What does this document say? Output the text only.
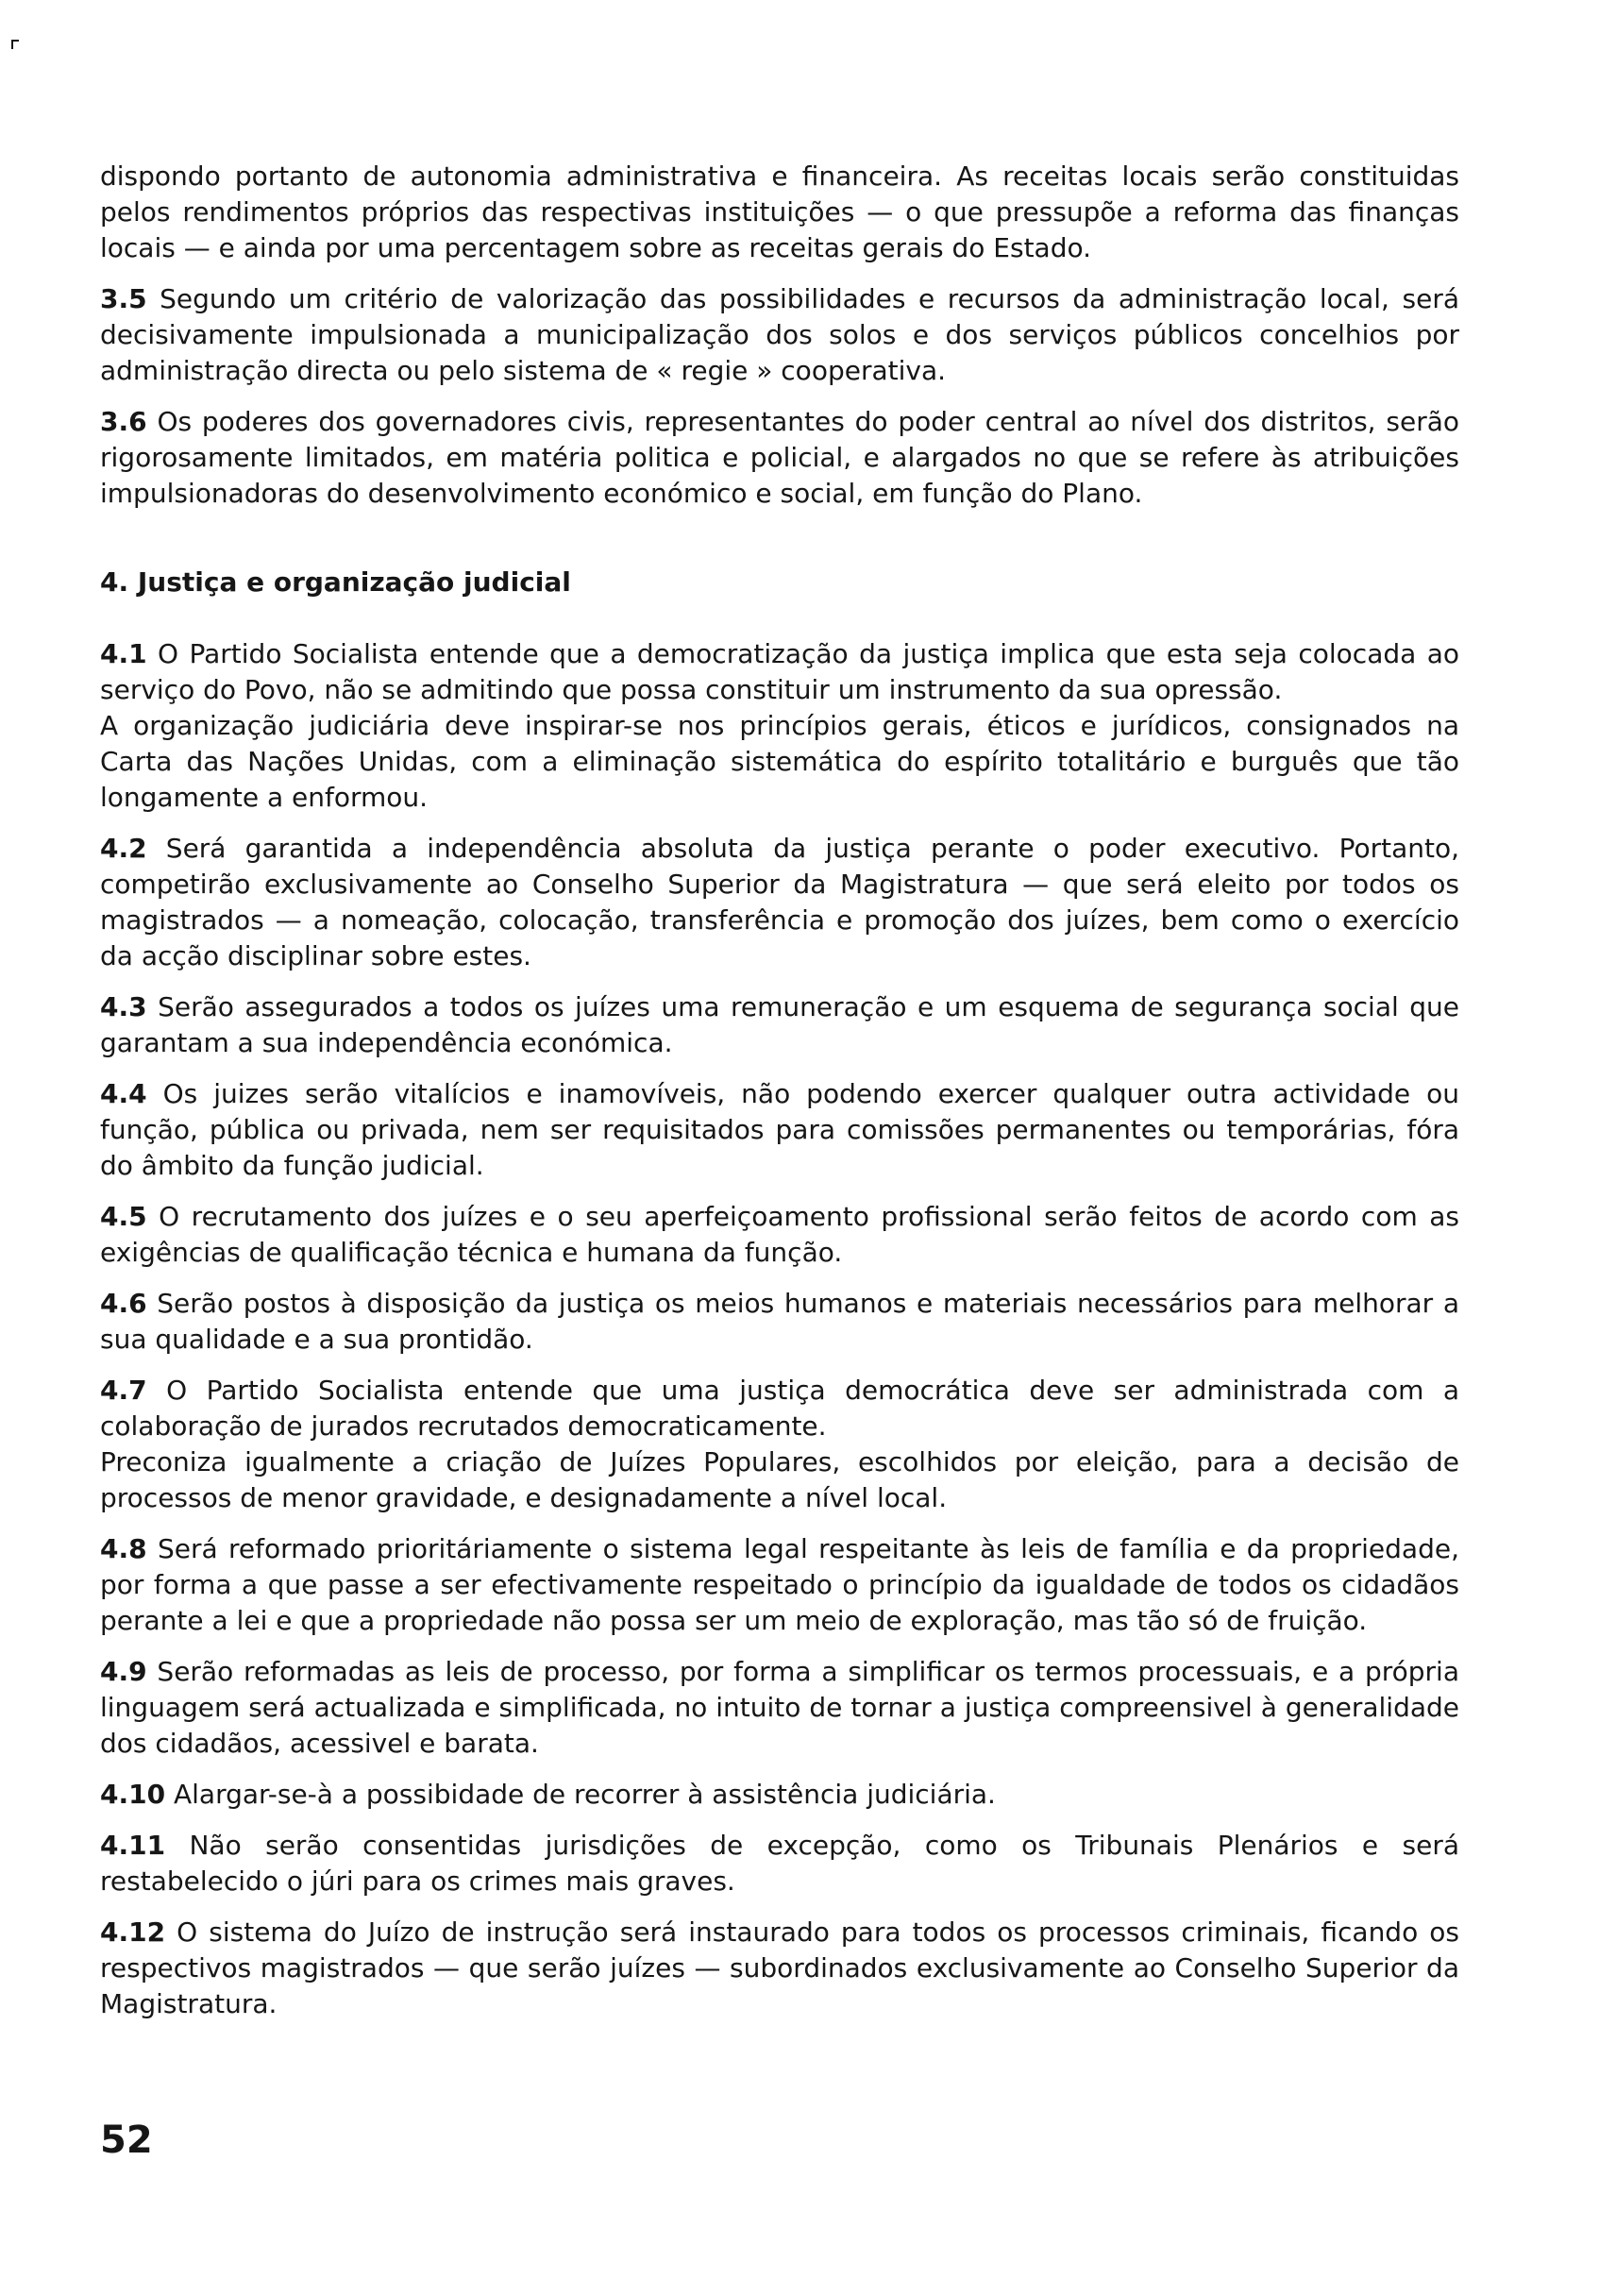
dispondo portanto de autonomia administrativa e financeira. As receitas locais serão constituidas pelos rendimentos próprios das respectivas instituições — o que pressupõe a reforma das finanças locais — e ainda por uma percentagem sobre as receitas gerais do Estado.

3.5 Segundo um critério de valorização das possibilidades e recursos da administração local, será decisivamente impulsionada a municipalização dos solos e dos serviços públicos concelhios por administração directa ou pelo sistema de « regie » cooperativa.

3.6 Os poderes dos governadores civis, representantes do poder central ao nível dos distritos, serão rigorosamente limitados, em matéria politica e policial, e alargados no que se refere às atribuições impulsionadoras do desenvolvimento económico e social, em função do Plano.

4. Justiça e organização judicial

4.1 O Partido Socialista entende que a democratização da justiça implica que esta seja colocada ao serviço do Povo, não se admitindo que possa constituir um instrumento da sua opressão.

A organização judiciária deve inspirar-se nos princípios gerais, éticos e jurídicos, consignados na Carta das Nações Unidas, com a eliminação sistemática do espírito totalitário e burguês que tão longamente a enformou.

4.2 Será garantida a independência absoluta da justiça perante o poder executivo. Portanto, competirão exclusivamente ao Conselho Superior da Magistratura — que será eleito por todos os magistrados — a nomeação, colocação, transferência e promoção dos juízes, bem como o exercício da acção disciplinar sobre estes.

4.3 Serão assegurados a todos os juízes uma remuneração e um esquema de segurança social que garantam a sua independência económica.

4.4 Os juizes serão vitalícios e inamovíveis, não podendo exercer qualquer outra actividade ou função, pública ou privada, nem ser requisitados para comissões permanentes ou temporárias, fóra do âmbito da função judicial.

4.5 O recrutamento dos juízes e o seu aperfeiçoamento profissional serão feitos de acordo com as exigências de qualificação técnica e humana da função.

4.6 Serão postos à disposição da justiça os meios humanos e materiais necessários para melhorar a sua qualidade e a sua prontidão.

4.7 O Partido Socialista entende que uma justiça democrática deve ser administrada com a colaboração de jurados recrutados democraticamente.

Preconiza igualmente a criação de Juízes Populares, escolhidos por eleição, para a decisão de processos de menor gravidade, e designadamente a nível local.

4.8 Será reformado prioritáriamente o sistema legal respeitante às leis de família e da propriedade, por forma a que passe a ser efectivamente respeitado o princípio da igualdade de todos os cidadãos perante a lei e que a propriedade não possa ser um meio de exploração, mas tão só de fruição.

4.9 Serão reformadas as leis de processo, por forma a simplificar os termos processuais, e a própria linguagem será actualizada e simplificada, no intuito de tornar a justiça compreensivel à generalidade dos cidadãos, acessivel e barata.

4.10 Alargar-se-à a possibidade de recorrer à assistência judiciária.

4.11 Não serão consentidas jurisdições de excepção, como os Tribunais Plenários e será restabelecido o júri para os crimes mais graves.

4.12 O sistema do Juízo de instrução será instaurado para todos os processos criminais, ficando os respectivos magistrados — que serão juízes — subordinados exclusivamente ao Conselho Superior da Magistratura.

52
